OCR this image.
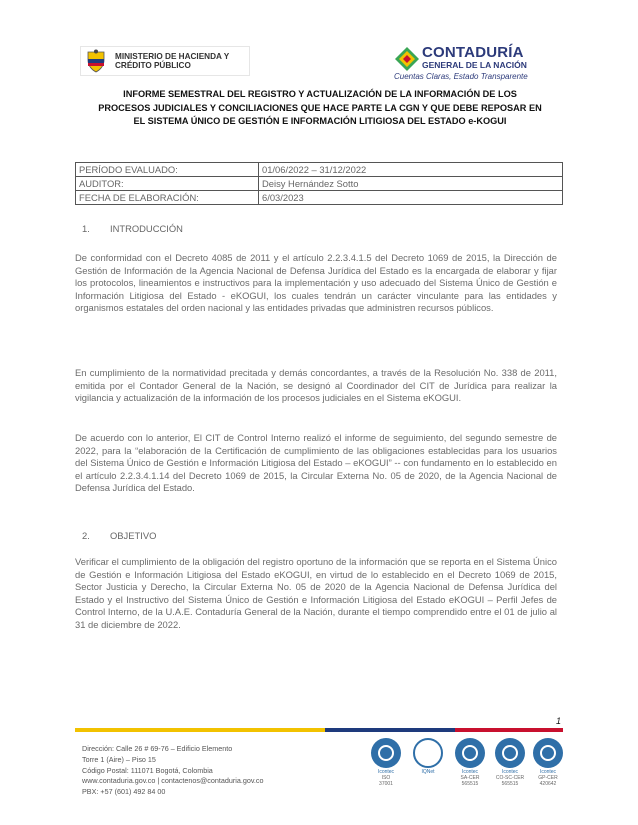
MINISTERIO DE HACIENDA Y
CRÉDITO PÚBLICO
CONTADURÍA
GENERAL DE LA NACIÓN
Cuentas Claras, Estado Transparente
INFORME SEMESTRAL DEL REGISTRO Y ACTUALIZACIÓN DE LA INFORMACIÓN DE LOS
PROCESOS JUDICIALES Y CONCILIACIONES QUE HACE PARTE LA CGN Y QUE DEBE REPOSAR EN
EL SISTEMA ÚNICO DE GESTIÓN E INFORMACIÓN LITIGIOSA DEL ESTADO e-KOGUI
PERÍODO EVALUADO:	01/06/2022 – 31/12/2022
AUDITOR:	Deisy Hernández Sotto
FECHA DE ELABORACIÓN:	6/03/2023
1. INTRODUCCIÓN
De conformidad con el Decreto 4085 de 2011 y el artículo 2.2.3.4.1.5 del Decreto 1069 de 2015, la Dirección de Gestión de Información de la Agencia Nacional de Defensa Jurídica del Estado es la encargada de elaborar y fijar los protocolos, lineamientos e instructivos para la implementación y uso adecuado del Sistema Único de Gestión e Información Litigiosa del Estado - eKOGUI, los cuales tendrán un carácter vinculante para las entidades y organismos estatales del orden nacional y las entidades privadas que administren recursos públicos.
En cumplimiento de la normatividad precitada y demás concordantes, a través de la Resolución No. 338 de 2011, emitida por el Contador General de la Nación, se designó al Coordinador del CIT de Jurídica para realizar la vigilancia y actualización de la información de los procesos judiciales en el Sistema eKOGUI.
De acuerdo con lo anterior, El CIT de Control Interno realizó el informe de seguimiento, del segundo semestre de 2022, para la “elaboración de la Certificación de cumplimiento de las obligaciones establecidas para los usuarios del Sistema Único de Gestión e Información Litigiosa del Estado – eKOGUI” -- con fundamento en lo establecido en el artículo 2.2.3.4.1.14 del Decreto 1069 de 2015, la Circular Externa No. 05 de 2020, de la Agencia Nacional de Defensa Jurídica del Estado.
2. OBJETIVO
Verificar el cumplimiento de la obligación del registro oportuno de la información que se reporta en el Sistema Único de Gestión e Información Litigiosa del Estado eKOGUI, en virtud de lo establecido en el Decreto 1069 de 2015, Sector Justicia y Derecho, la Circular Externa No. 05 de 2020 de la Agencia Nacional de Defensa Jurídica del Estado y el Instructivo del Sistema Único de Gestión e Información Litigiosa del Estado eKOGUI – Perfil Jefes de Control Interno, de la U.A.E. Contaduría General de la Nación, durante el tiempo comprendido entre el 01 de julio al 31 de diciembre de 2022.
1
Dirección: Calle 26 # 69-76 – Edificio Elemento
Torre 1 (Aire) – Piso 15
Código Postal: 111071 Bogotá, Colombia
www.contaduria.gov.co | contactenos@contaduria.gov.co
PBX: +57 (601) 492 84 00
Icontec
ISO
37001
IQNet	Icontec
SA-CER
565515
Icontec
CO-SC-CER
565515
Icontec
GP-CER
420642
